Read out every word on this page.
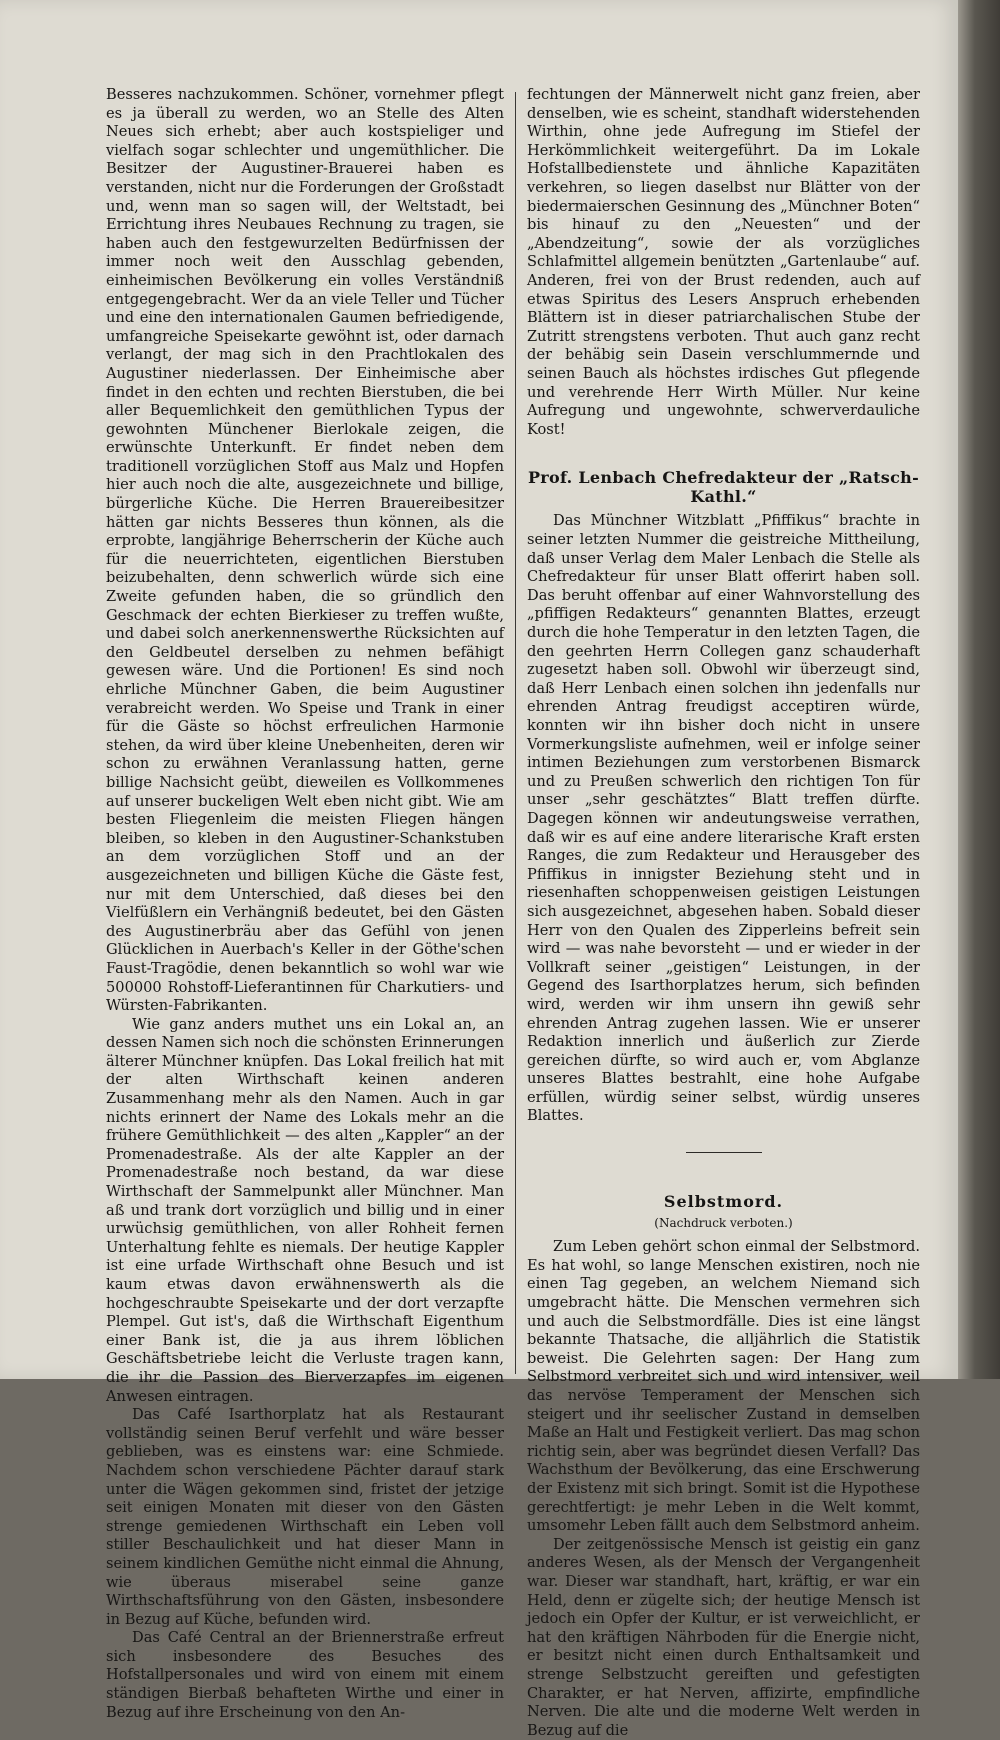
Besseres nachzukommen. Schöner, vornehmer pflegt es ja überall zu werden, wo an Stelle des Alten Neues sich erhebt; aber auch kostspieliger und vielfach sogar schlechter und ungemüthlicher. Die Besitzer der Augustiner-Brauerei haben es verstanden, nicht nur die Forderungen der Großstadt und, wenn man so sagen will, der Weltstadt, bei Errichtung ihres Neubaues Rechnung zu tragen, sie haben auch den festgewurzelten Bedürfnissen der immer noch weit den Ausschlag gebenden, einheimischen Bevölkerung ein volles Verständniß entgegengebracht. Wer da an viele Teller und Tücher und eine den internationalen Gaumen befriedigende, umfangreiche Speisekarte gewöhnt ist, oder darnach verlangt, der mag sich in den Prachtlokalen des Augustiner niederlassen. Der Einheimische aber findet in den echten und rechten Bierstuben, die bei aller Bequemlichkeit den gemüthlichen Typus der gewohnten Münchener Bierlokale zeigen, die erwünschte Unterkunft. Er findet neben dem traditionell vorzüglichen Stoff aus Malz und Hopfen hier auch noch die alte, ausgezeichnete und billige, bürgerliche Küche. Die Herren Brauereibesitzer hätten gar nichts Besseres thun können, als die erprobte, langjährige Beherrscherin der Küche auch für die neuerrichteten, eigentlichen Bierstuben beizubehalten, denn schwerlich würde sich eine Zweite gefunden haben, die so gründlich den Geschmack der echten Bierkieser zu treffen wußte, und dabei solch anerkennenswerthe Rücksichten auf den Geldbeutel derselben zu nehmen befähigt gewesen wäre. Und die Portionen! Es sind noch ehrliche Münchner Gaben, die beim Augustiner verabreicht werden. Wo Speise und Trank in einer für die Gäste so höchst erfreulichen Harmonie stehen, da wird über kleine Unebenheiten, deren wir schon zu erwähnen Veranlassung hatten, gerne billige Nachsicht geübt, dieweilen es Vollkommenes auf unserer buckeligen Welt eben nicht gibt. Wie am besten Fliegenleim die meisten Fliegen hängen bleiben, so kleben in den Augustiner-Schankstuben an dem vorzüglichen Stoff und an der ausgezeichneten und billigen Küche die Gäste fest, nur mit dem Unterschied, daß dieses bei den Vielfüßlern ein Verhängniß bedeutet, bei den Gästen des Augustinerbräu aber das Gefühl von jenen Glücklichen in Auerbach's Keller in der Göthe'schen Faust-Tragödie, denen bekanntlich so wohl war wie 500000 Rohstoff-Lieferantinnen für Charkutiers- und Würsten-Fabrikanten.

Wie ganz anders muthet uns ein Lokal an, an dessen Namen sich noch die schönsten Erinnerungen älterer Münchner knüpfen. Das Lokal freilich hat mit der alten Wirthschaft keinen anderen Zusammenhang mehr als den Namen. Auch in gar nichts erinnert der Name des Lokals mehr an die frühere Gemüthlichkeit — des alten „Kappler“ an der Promenadestraße. Als der alte Kappler an der Promenadestraße noch bestand, da war diese Wirthschaft der Sammelpunkt aller Münchner. Man aß und trank dort vorzüglich und billig und in einer urwüchsig gemüthlichen, von aller Rohheit fernen Unterhaltung fehlte es niemals. Der heutige Kappler ist eine urfade Wirthschaft ohne Besuch und ist kaum etwas davon erwähnenswerth als die hochgeschraubte Speisekarte und der dort verzapfte Plempel. Gut ist's, daß die Wirthschaft Eigenthum einer Bank ist, die ja aus ihrem löblichen Geschäftsbetriebe leicht die Verluste tragen kann, die ihr die Passion des Bierverzapfes im eigenen Anwesen eintragen.

Das Café Isarthorplatz hat als Restaurant vollständig seinen Beruf verfehlt und wäre besser geblieben, was es einstens war: eine Schmiede. Nachdem schon verschiedene Pächter darauf stark unter die Wägen gekommen sind, fristet der jetzige seit einigen Monaten mit dieser von den Gästen strenge gemiedenen Wirthschaft ein Leben voll stiller Beschaulichkeit und hat dieser Mann in seinem kindlichen Gemüthe nicht einmal die Ahnung, wie überaus miserabel seine ganze Wirthschaftsführung von den Gästen, insbesondere in Bezug auf Küche, befunden wird.

Das Café Central an der Briennerstraße erfreut sich insbesondere des Besuches des Hofstallpersonales und wird von einem mit einem ständigen Bierbaß behafteten Wirthe und einer in Bezug auf ihre Erscheinung von den An-

fechtungen der Männerwelt nicht ganz freien, aber denselben, wie es scheint, standhaft widerstehenden Wirthin, ohne jede Aufregung im Stiefel der Herkömmlichkeit weitergeführt. Da im Lokale Hofstallbedienstete und ähnliche Kapazitäten verkehren, so liegen daselbst nur Blätter von der biedermaierschen Gesinnung des „Münchner Boten“ bis hinauf zu den „Neuesten“ und der „Abendzeitung“, sowie der als vorzügliches Schlafmittel allgemein benützten „Gartenlaube“ auf. Anderen, frei von der Brust redenden, auch auf etwas Spiritus des Lesers Anspruch erhebenden Blättern ist in dieser patriarchalischen Stube der Zutritt strengstens verboten. Thut auch ganz recht der behäbig sein Dasein verschlummernde und seinen Bauch als höchstes irdisches Gut pflegende und verehrende Herr Wirth Müller. Nur keine Aufregung und ungewohnte, schwerverdauliche Kost!

Prof. Lenbach Chefredakteur der „Ratsch-Kathl.“

Das Münchner Witzblatt „Pfiffikus“ brachte in seiner letzten Nummer die geistreiche Mittheilung, daß unser Verlag dem Maler Lenbach die Stelle als Chefredakteur für unser Blatt offerirt haben soll. Das beruht offenbar auf einer Wahnvorstellung des „pfiffigen Redakteurs“ genannten Blattes, erzeugt durch die hohe Temperatur in den letzten Tagen, die den geehrten Herrn Collegen ganz schauderhaft zugesetzt haben soll. Obwohl wir überzeugt sind, daß Herr Lenbach einen solchen ihn jedenfalls nur ehrenden Antrag freudigst acceptiren würde, konnten wir ihn bisher doch nicht in unsere Vormerkungsliste aufnehmen, weil er infolge seiner intimen Beziehungen zum verstorbenen Bismarck und zu Preußen schwerlich den richtigen Ton für unser „sehr geschätztes“ Blatt treffen dürfte. Dagegen können wir andeutungsweise verrathen, daß wir es auf eine andere literarische Kraft ersten Ranges, die zum Redakteur und Herausgeber des Pfiffikus in innigster Beziehung steht und in riesenhaften schoppenweisen geistigen Leistungen sich ausgezeichnet, abgesehen haben. Sobald dieser Herr von den Qualen des Zipperleins befreit sein wird — was nahe bevorsteht — und er wieder in der Vollkraft seiner „geistigen“ Leistungen, in der Gegend des Isarthorplatzes herum, sich befinden wird, werden wir ihm unsern ihn gewiß sehr ehrenden Antrag zugehen lassen. Wie er unserer Redaktion innerlich und äußerlich zur Zierde gereichen dürfte, so wird auch er, vom Abglanze unseres Blattes bestrahlt, eine hohe Aufgabe erfüllen, würdig seiner selbst, würdig unseres Blattes.

Selbstmord.
(Nachdruck verboten.)

Zum Leben gehört schon einmal der Selbstmord. Es hat wohl, so lange Menschen existiren, noch nie einen Tag gegeben, an welchem Niemand sich umgebracht hätte. Die Menschen vermehren sich und auch die Selbstmordfälle. Dies ist eine längst bekannte Thatsache, die alljährlich die Statistik beweist. Die Gelehrten sagen: Der Hang zum Selbstmord verbreitet sich und wird intensiver, weil das nervöse Temperament der Menschen sich steigert und ihr seelischer Zustand in demselben Maße an Halt und Festigkeit verliert. Das mag schon richtig sein, aber was begründet diesen Verfall? Das Wachsthum der Bevölkerung, das eine Erschwerung der Existenz mit sich bringt. Somit ist die Hypothese gerechtfertigt: je mehr Leben in die Welt kommt, umsomehr Leben fällt auch dem Selbstmord anheim.

Der zeitgenössische Mensch ist geistig ein ganz anderes Wesen, als der Mensch der Vergangenheit war. Dieser war standhaft, hart, kräftig, er war ein Held, denn er zügelte sich; der heutige Mensch ist jedoch ein Opfer der Kultur, er ist verweichlicht, er hat den kräftigen Nährboden für die Energie nicht, er besitzt nicht einen durch Enthaltsamkeit und strenge Selbstzucht gereiften und gefestigten Charakter, er hat Nerven, affizirte, empfindliche Nerven. Die alte und die moderne Welt werden in Bezug auf die
